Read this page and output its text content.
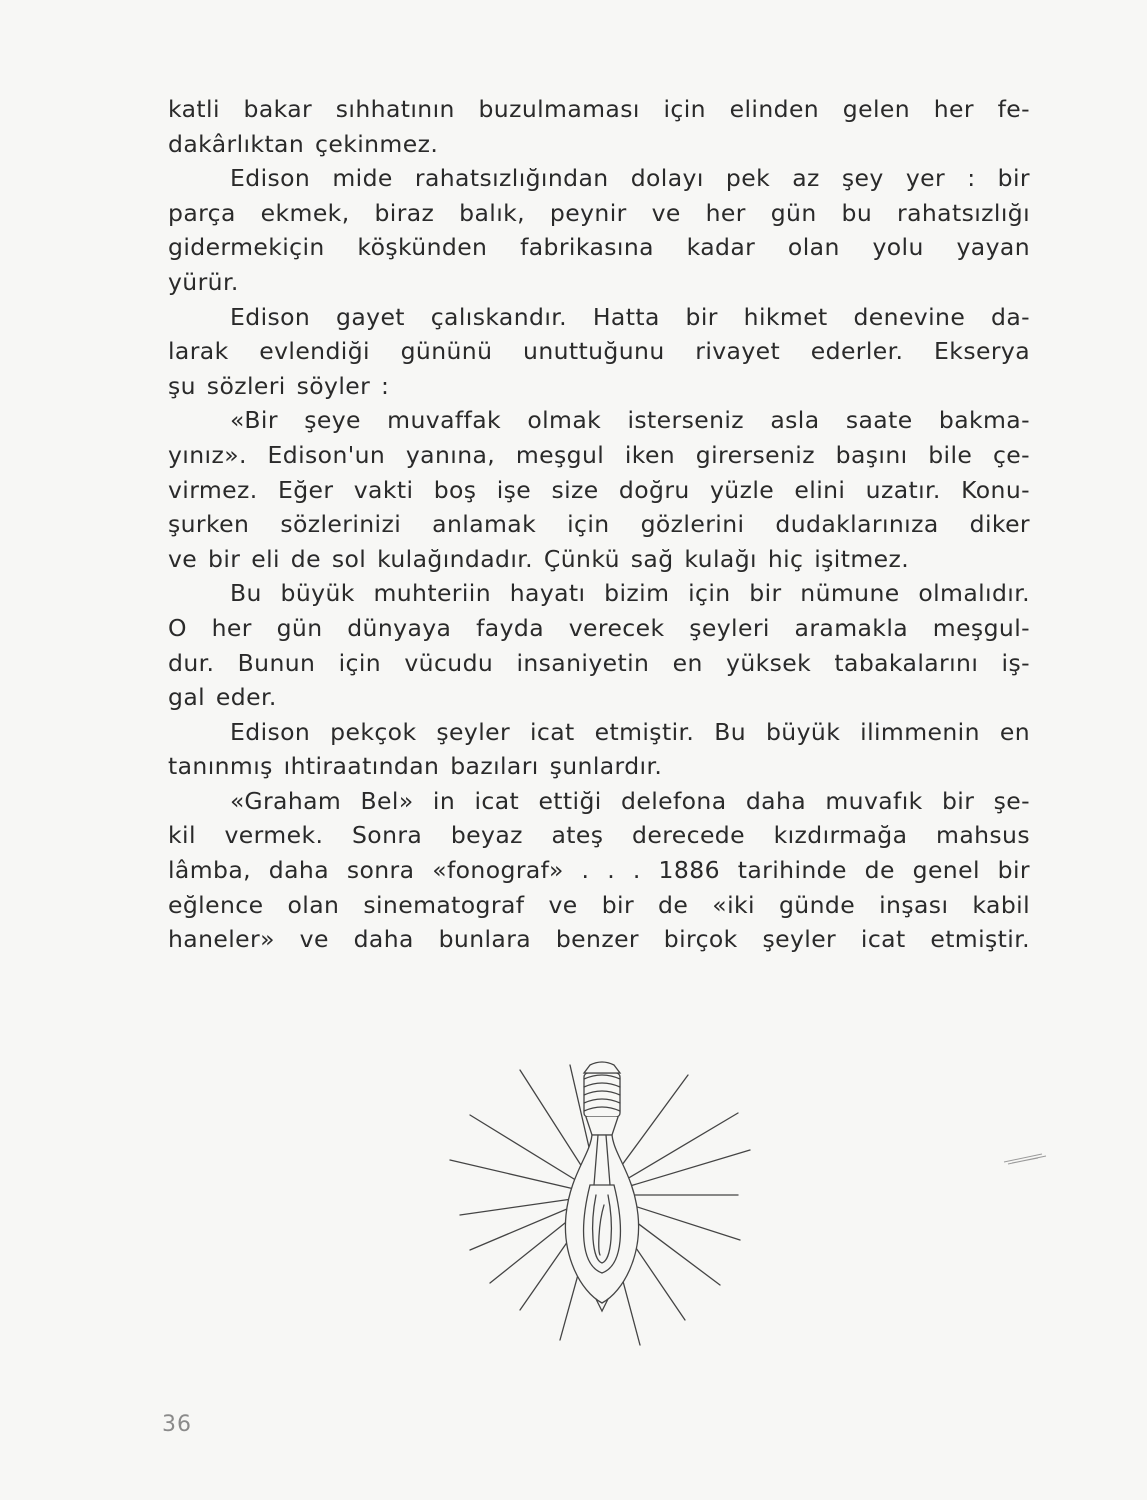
katli bakar sıhhatının buzulmaması için elinden gelen her fe-
dakârlıktan çekinmez.
Edison mide rahatsızlığından dolayı pek az şey yer : bir
parça ekmek, biraz balık, peynir ve her gün bu rahatsızlığı
gidermekiçin köşkünden fabrikasına kadar olan yolu yayan
yürür.
Edison gayet çalıskandır. Hatta bir hikmet denevine da-
larak evlendiği gününü unuttuğunu rivayet ederler. Ekserya
şu sözleri söyler :
«Bir şeye muvaffak olmak isterseniz asla saate bakma-
yınız». Edison'un yanına, meşgul iken girerseniz başını bile çe-
virmez. Eğer vakti boş işe size doğru yüzle elini uzatır. Konu-
şurken sözlerinizi anlamak için gözlerini dudaklarınıza diker
ve bir eli de sol kulağındadır. Çünkü sağ kulağı hiç işitmez.
Bu büyük muhteriin hayatı bizim için bir nümune olmalıdır.
O her gün dünyaya fayda verecek şeyleri aramakla meşgul-
dur. Bunun için vücudu insaniyetin en yüksek tabakalarını iş-
gal eder.
Edison pekçok şeyler icat etmiştir. Bu büyük ilimmenin en
tanınmış ıhtiraatından bazıları şunlardır.
«Graham Bel» in icat ettiği delefona daha muvafık bir şe-
kil vermek. Sonra beyaz ateş derecede kızdırmağa mahsus
lâmba, daha sonra «fonograf» . . . 1886 tarihinde de genel bir
eğlence olan sinematograf ve bir de «iki günde inşası kabil
haneler» ve daha bunlara benzer birçok şeyler icat etmiştir.
36
